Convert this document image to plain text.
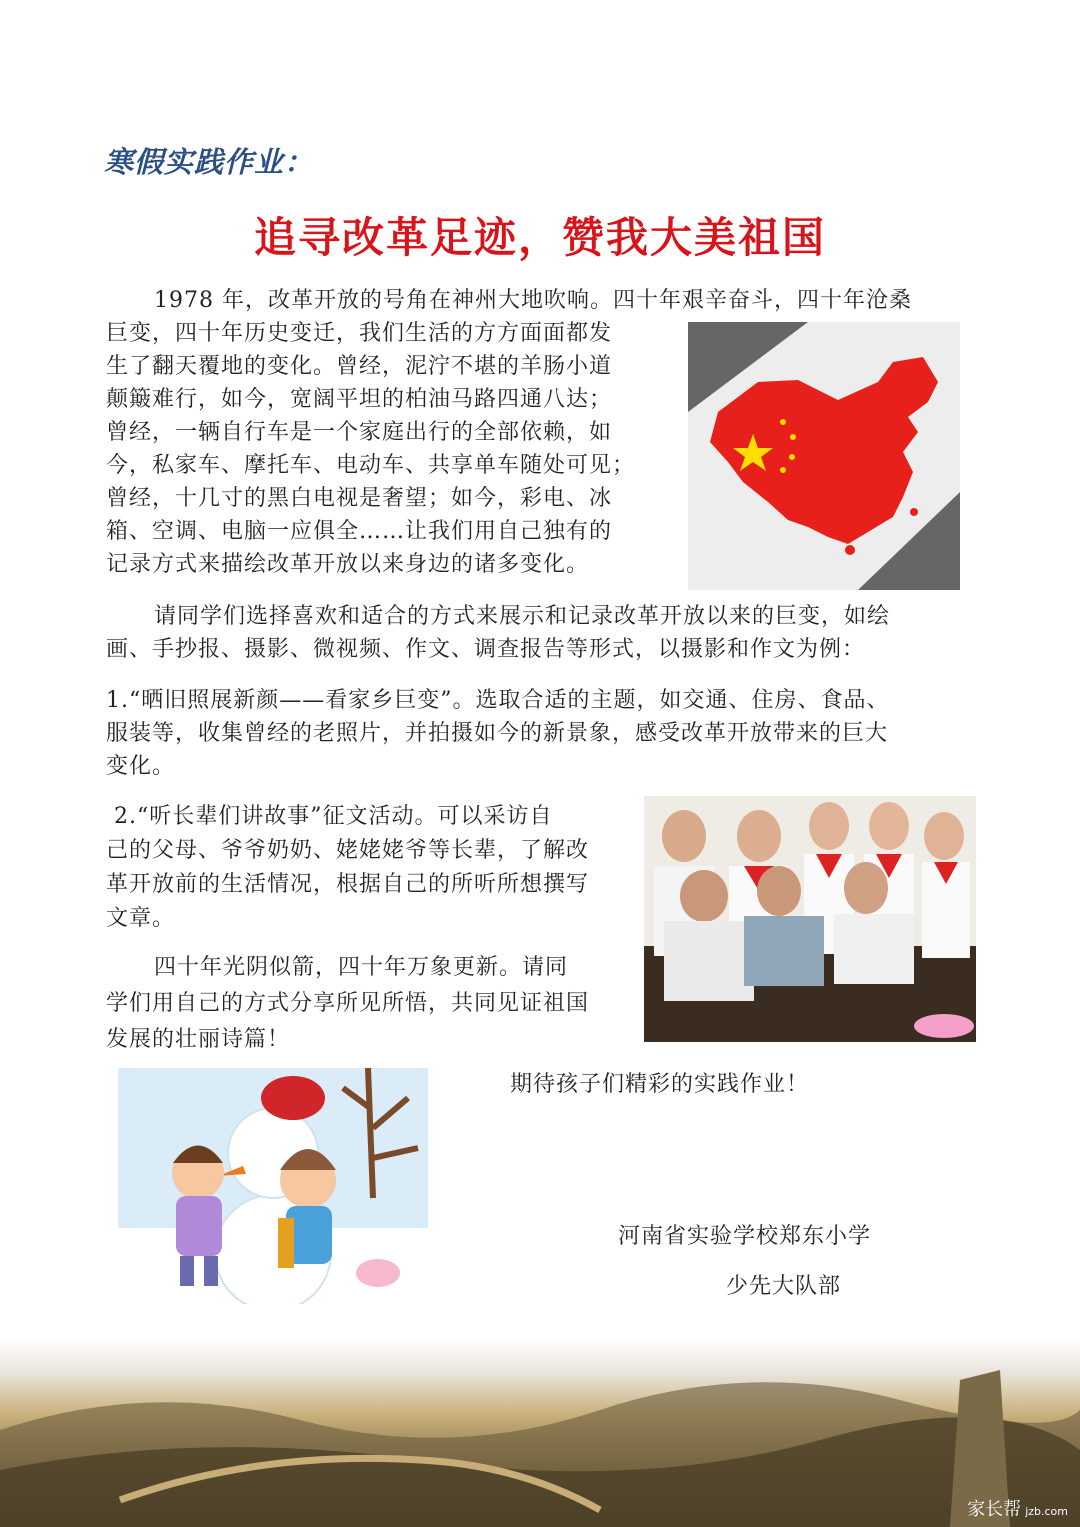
寒假实践作业：
追寻改革足迹，赞我大美祖国

1978 年，改革开放的号角在神州大地吹响。四十年艰辛奋斗，四十年沧桑

巨变，四十年历史变迁，我们生活的方方面面都发

生了翻天覆地的变化。曾经，泥泞不堪的羊肠小道

颠簸难行，如今，宽阔平坦的柏油马路四通八达；

曾经，一辆自行车是一个家庭出行的全部依赖，如

今，私家车、摩托车、电动车、共享单车随处可见；

曾经，十几寸的黑白电视是奢望；如今，彩电、冰

箱、空调、电脑一应俱全……让我们用自己独有的

记录方式来描绘改革开放以来身边的诸多变化。

请同学们选择喜欢和适合的方式来展示和记录改革开放以来的巨变，如绘

画、手抄报、摄影、微视频、作文、调查报告等形式，以摄影和作文为例：

1.“晒旧照展新颜——看家乡巨变”。选取合适的主题，如交通、住房、食品、

服装等，收集曾经的老照片，并拍摄如今的新景象，感受改革开放带来的巨大

变化。

2.“听长辈们讲故事”征文活动。可以采访自

己的父母、爷爷奶奶、姥姥姥爷等长辈，了解改

革开放前的生活情况，根据自己的所听所想撰写

文章。

四十年光阴似箭，四十年万象更新。请同

学们用自己的方式分享所见所悟，共同见证祖国

发展的壮丽诗篇！

期待孩子们精彩的实践作业！
河南省实验学校郑东小学
少先大队部
家长帮 jzb.com
